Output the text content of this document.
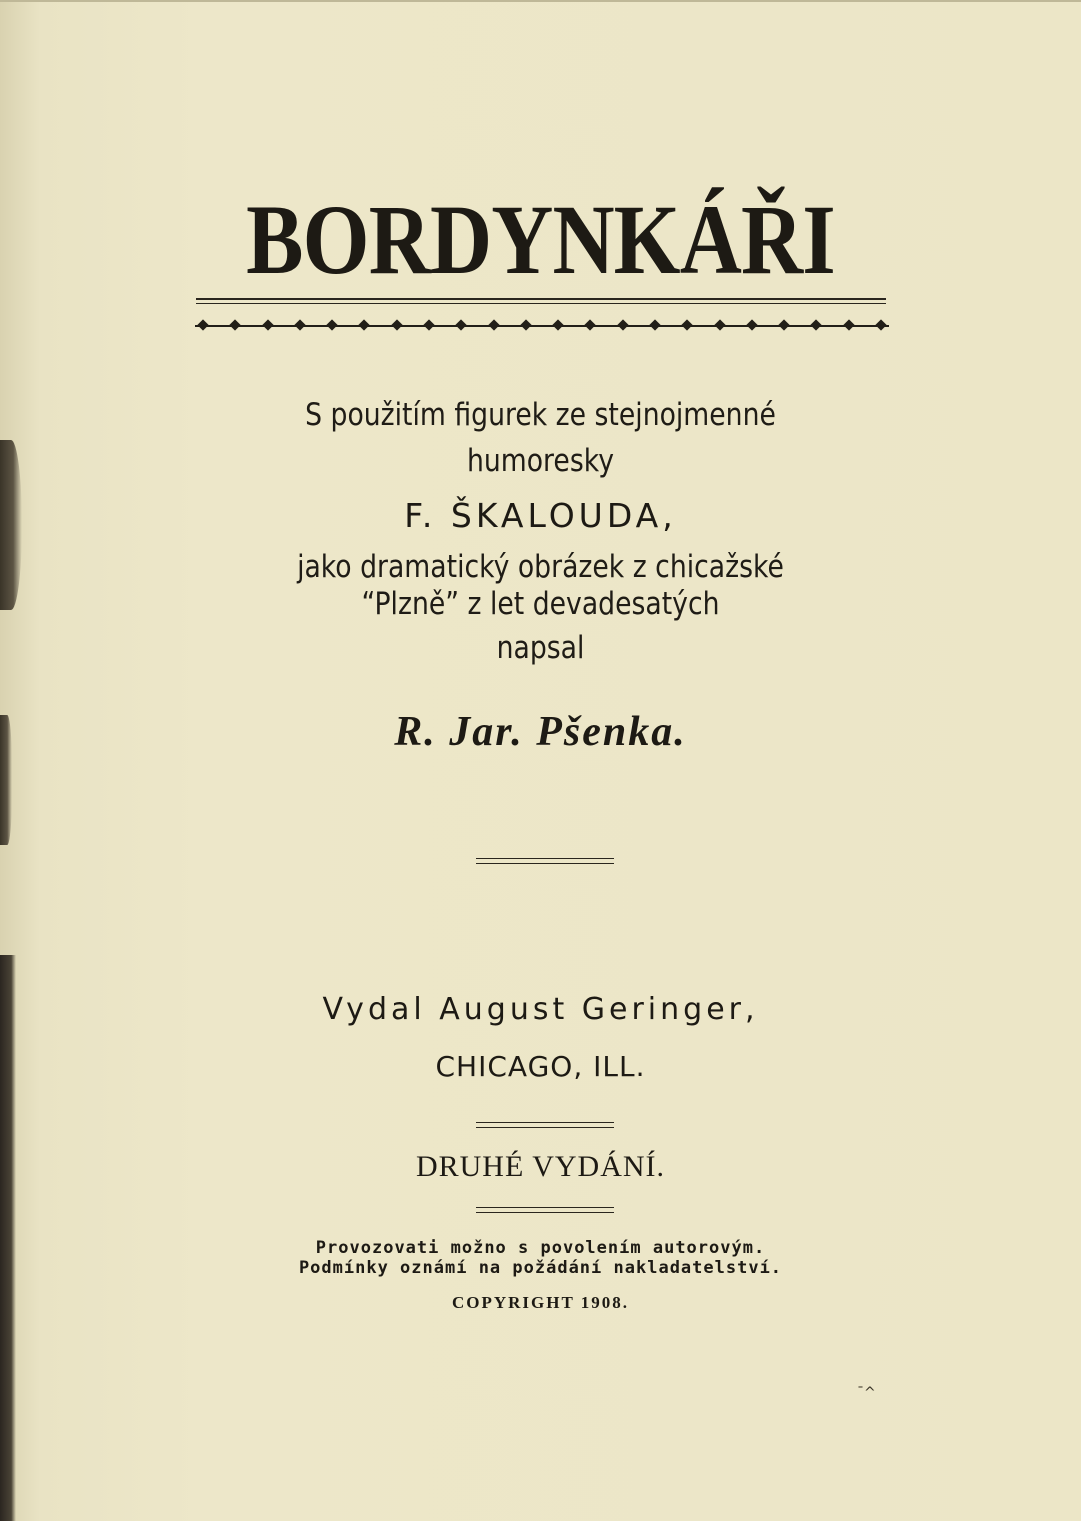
BORDYNKÁŘI
S použitím figurek ze stejnojmenné
humoresky
F. ŠKALOUDA,
jako dramatický obrázek z chicažské
“Plzně” z let devadesatých
napsal
R. Jar. Pšenka.
Vydal August Geringer,
CHICAGO, ILL.
DRUHÉ VYDÁNÍ.
Provozovati možno s povolením autorovým.
Podmínky oznámí na požádání nakladatelství.
COPYRIGHT 1908.
ˉ^
